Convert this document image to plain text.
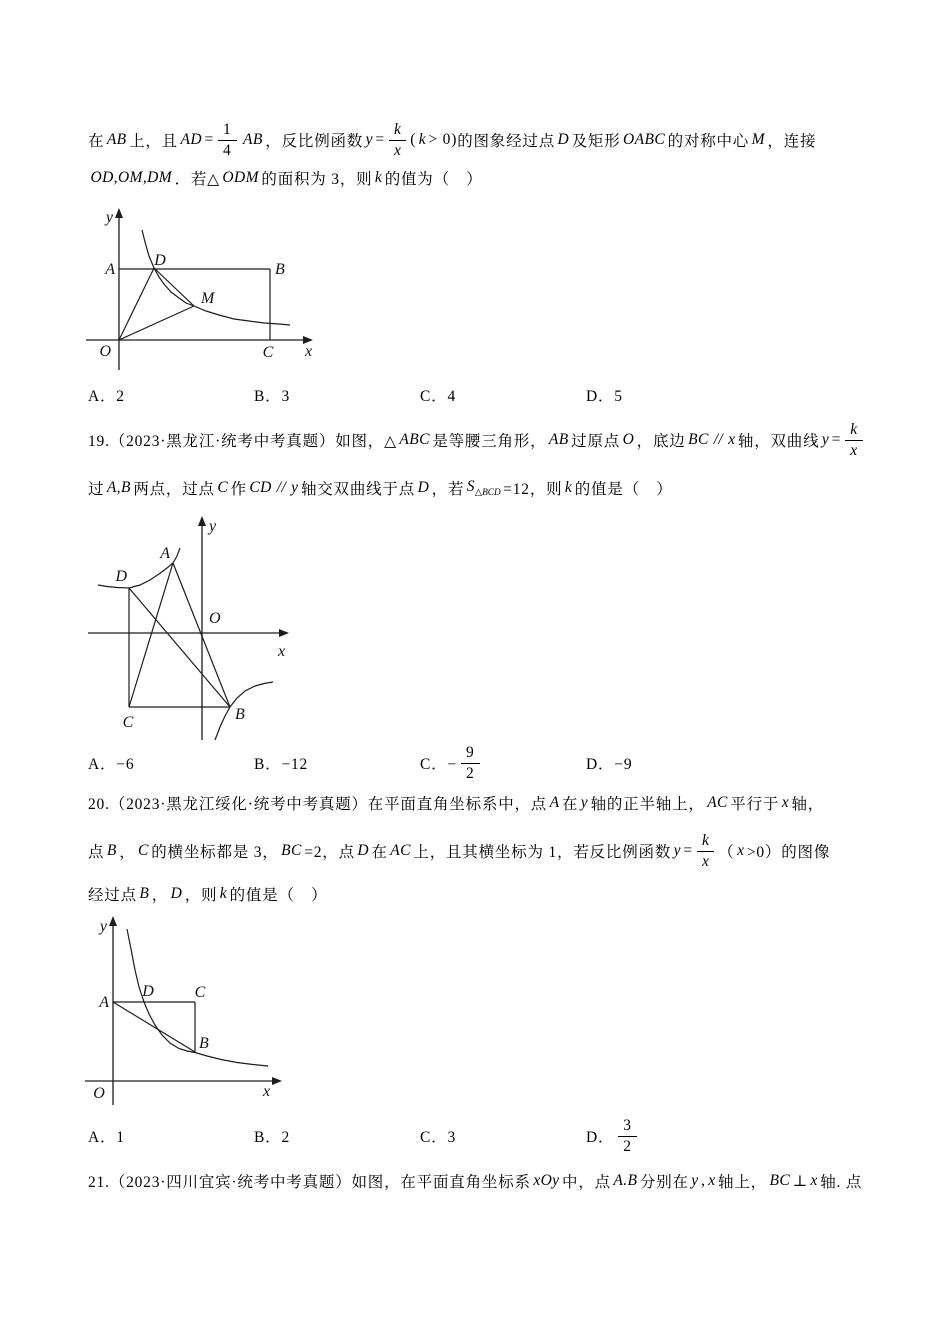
在 AB 上，且 AD = $\frac{1}{4}$ AB ，反比例函数 $y = \frac{k}{x}$ ( k > 0) 的图象经过点 D 及矩形 OABC 的对称中心 M ，连接
OD,OM,DM ．若△ ODM 的面积为 3，则 k 的值为（　）
y
x
O
A
D
B
M
C
A．2	B．3	C．4	D．5
19.（2023·黑龙江·统考中考真题）如图，△ ABC 是等腰三角形， AB 过原点 O ，底边 BC // x 轴，双曲线 $y = \frac{k}{x}$
过 A,B 两点，过点 C 作 CD // y 轴交双曲线于点 D ，若 $S_{\triangle BCD} =12$，则 k 的值是（　）
y
x
O
A
D
C	B
A．−6	B．−12	C．− $\frac{9}{2}$	D．−9
20.（2023·黑龙江绥化·统考中考真题）在平面直角坐标系中，点 A 在 y 轴的正半轴上， AC 平行于 x 轴，
点 B ， C 的横坐标都是 3， BC =2，点 D 在 AC 上，且其横坐标为 1，若反比例函数 $y = \frac{k}{x}$ （ x >0）的图像
经过点 B ， D ，则 k 的值是（　）
y
x
O
A
D	C
B
A．1	B．2	C．3	D． $\frac{3}{2}$
21.（2023·四川宜宾·统考中考真题）如图，在平面直角坐标系 xOy 中，点 A.B 分别在 y , x 轴上， BC ⊥ x 轴. 点
